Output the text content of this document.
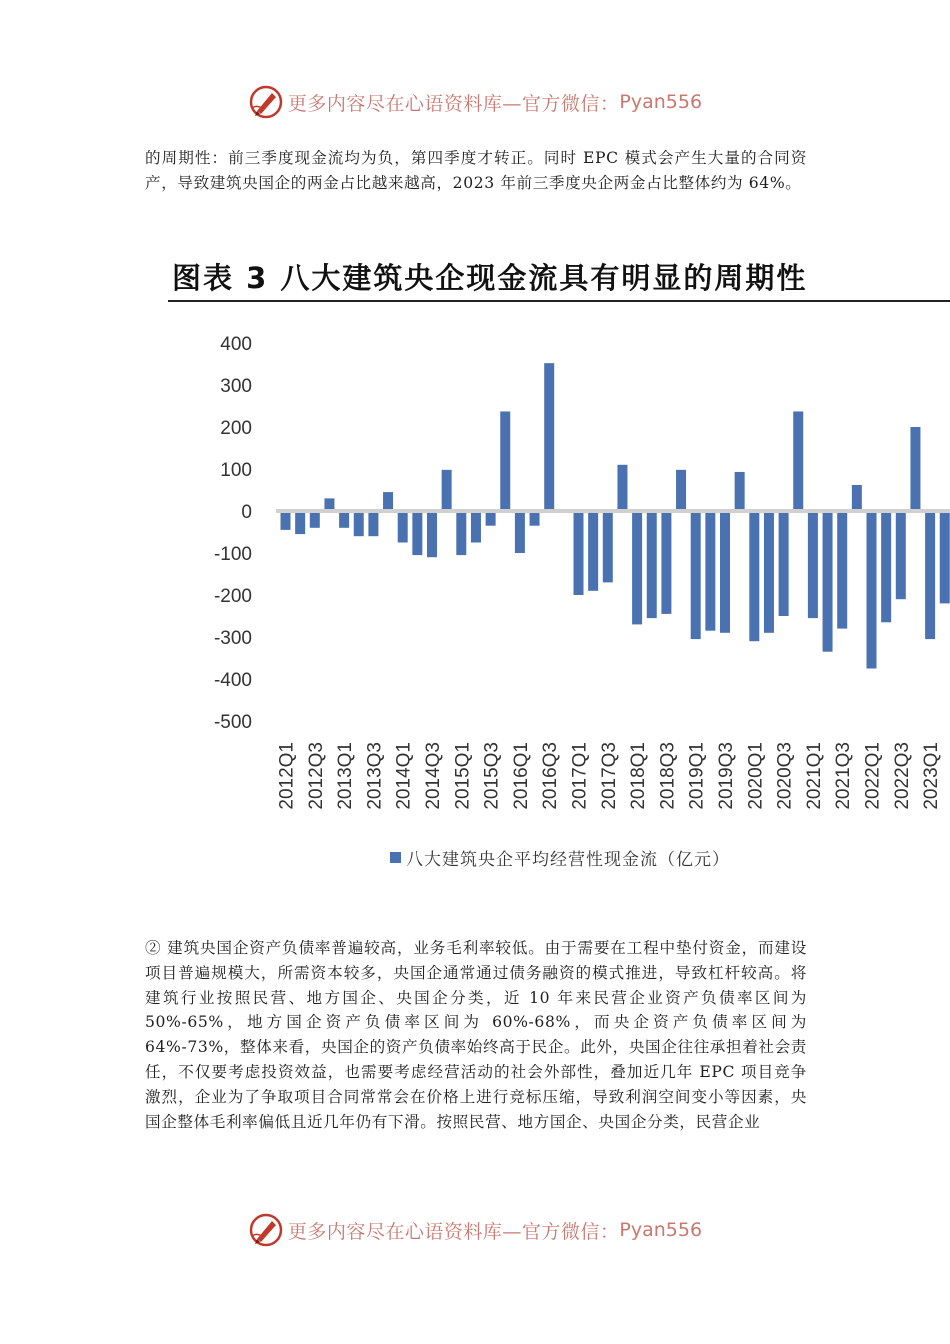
更多内容尽在心语资料库—官方微信： Pyan556

的周期性：前三季度现金流均为负，第四季度才转正。同时 EPC 模式会产生大量的合同资产，导致建筑央国企的两金占比越来越高，2023 年前三季度央企两金占比整体约为 64%。

图表 3 八大建筑央企现金流具有明显的周期性
400
300
200
100
0
-100
-200
-300
-400
-500
2012Q1 2012Q3 2013Q1 2013Q3 2014Q1 2014Q3 2015Q1 2015Q3 2016Q1 2016Q3 2017Q1 2017Q3 2018Q1 2018Q3 2019Q1 2019Q3 2020Q1 2020Q3 2021Q1 2021Q3 2022Q1 2022Q3 2023Q1
八大建筑央企平均经营性现金流（亿元）

② 建筑央国企资产负债率普遍较高，业务毛利率较低。由于需要在工程中垫付资金，而建设项目普遍规模大，所需资本较多，央国企通常通过债务融资的模式推进，导致杠杆较高。将建筑行业按照民营、地方国企、央国企分类，近 10 年来民营企业资产负债率区间为 50%-65%，地方国企资产负债率区间为 60%-68%，而央企资产负债率区间为 64%-73%，整体来看，央国企的资产负债率始终高于民企。此外，央国企往往承担着社会责任，不仅要考虑投资效益，也需要考虑经营活动的社会外部性，叠加近几年 EPC 项目竞争激烈，企业为了争取项目合同常常会在价格上进行竞标压缩，导致利润空间变小等因素，央国企整体毛利率偏低且近几年仍有下滑。按照民营、地方国企、央国企分类，民营企业

更多内容尽在心语资料库—官方微信： Pyan556
